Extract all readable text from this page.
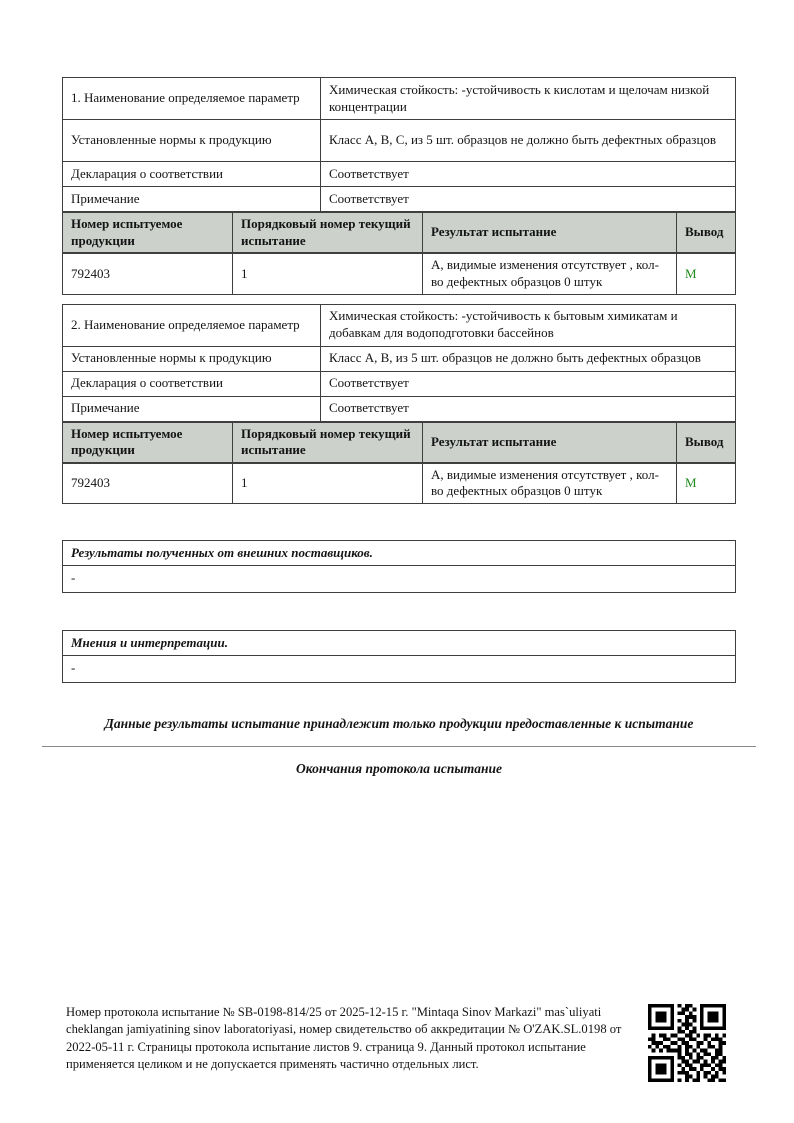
1. Наименование определяемое параметр	Химическая стойкость: -устойчивость к кислотам и щелочам низкой концентрации
Установленные нормы к продукцию	Класс А, В, С, из 5 шт. образцов не должно быть дефектных образцов
Декларация о соответствии	Соответствует
Примечание	Соответствует
Номер испытуемое продукции	Порядковый номер текущий испытание	Результат испытание	Вывод
792403	1	А, видимые изменения отсутствует , кол-во дефектных образцов 0 штук	М
2. Наименование определяемое параметр	Химическая стойкость: -устойчивость к бытовым химикатам и добавкам для водоподготовки бассейнов
Установленные нормы к продукцию	Класс А, В, из 5 шт. образцов не должно быть дефектных образцов
Декларация о соответствии	Соответствует
Примечание	Соответствует
Номер испытуемое продукции	Порядковый номер текущий испытание	Результат испытание	Вывод
792403	1	А, видимые изменения отсутствует , кол-во дефектных образцов 0 штук	М
Результаты полученных от внешних поставщиков.
-
Мнения и интерпретации.
-
Данные результаты испытание принадлежит только продукции предоставленные к испытание
Окончания протокола испытание
Номер протокола испытание № SB-0198-814/25 от 2025-12-15 г. "Mintaqa Sinov Markazi" mas`uliyati cheklangan jamiyatining sinov laboratoriyasi, номер свидетельство об аккредитации № O'ZAK.SL.0198 от 2022-05-11 г. Страницы протокола испытание листов 9. страница 9. Данный протокол испытание применяется целиком и не допускается применять частично отдельных лист.
